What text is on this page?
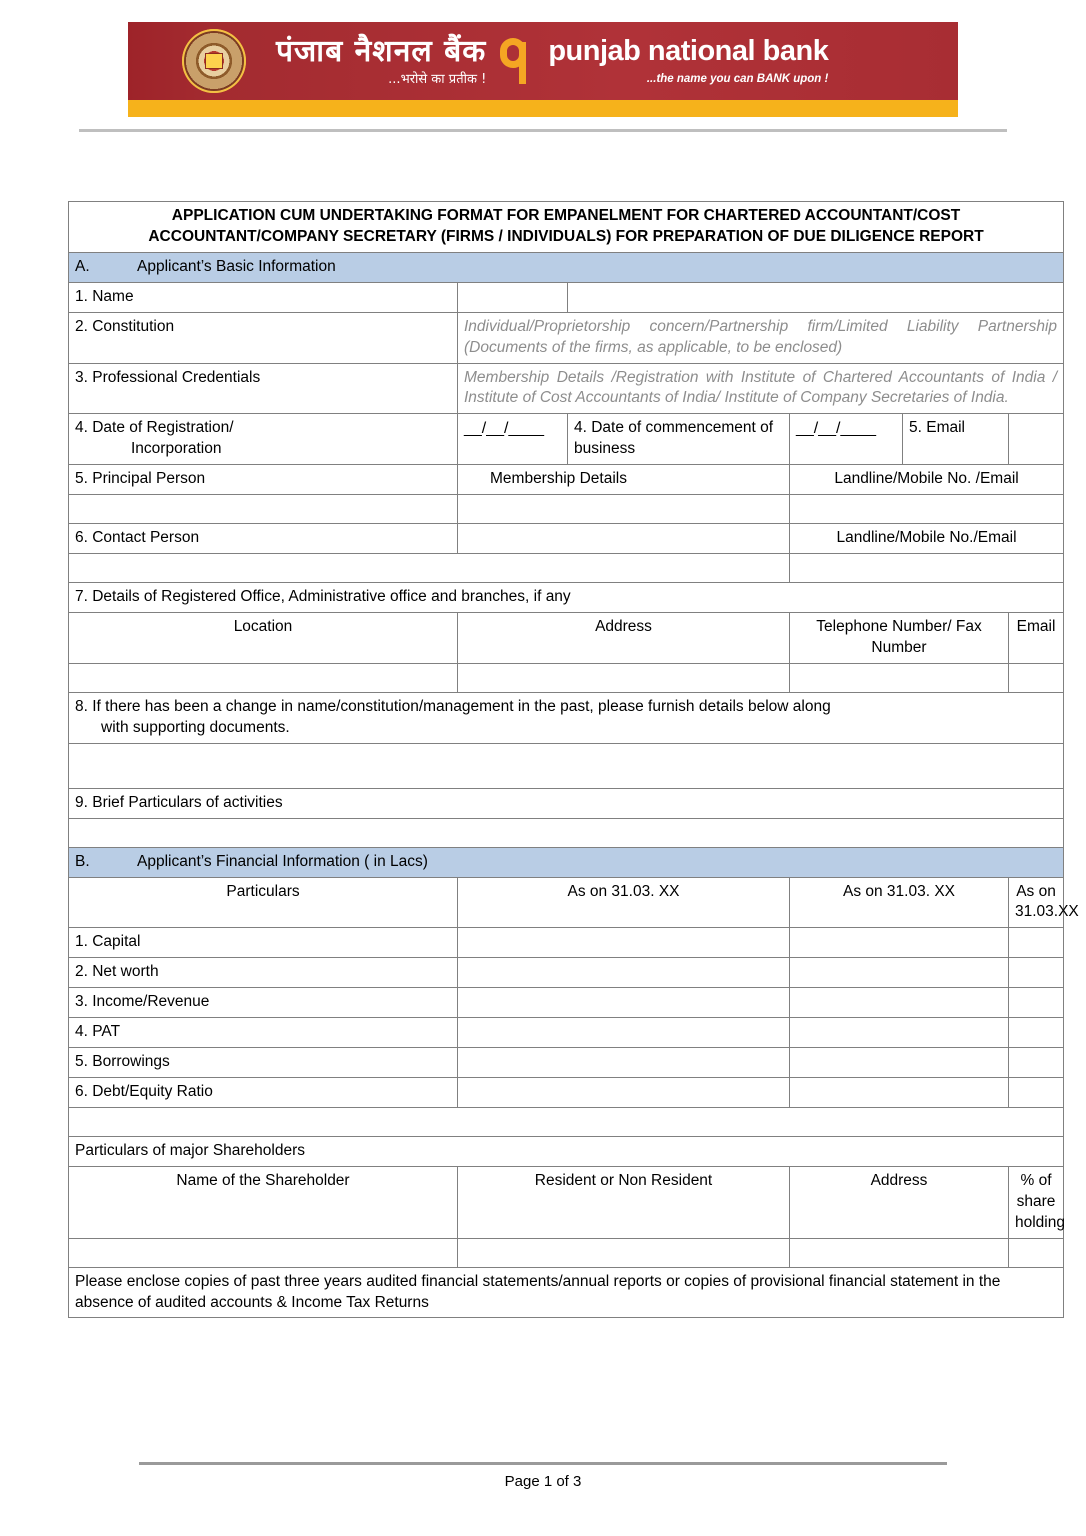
पंजाब नैशनल बैंक
...भरोसे का प्रतीक !
punjab national bank
...the name you can BANK upon !
APPLICATION CUM UNDERTAKING FORMAT FOR EMPANELMENT FOR CHARTERED ACCOUNTANT/COST ACCOUNTANT/COMPANY SECRETARY (FIRMS / INDIVIDUALS) FOR PREPARATION OF DUE DILIGENCE REPORT					
A. Applicant’s Basic Information					
1. Name					
2. Constitution	Individual/Proprietorship concern/Partnership firm/Limited Liability Partnership (Documents of the firms, as applicable, to be enclosed)				
3. Professional Credentials	Membership Details /Registration with Institute of Chartered Accountants of India / Institute of Cost Accountants of India/ Institute of Company Secretaries of India.				
4. Date of Registration/
Incorporation	__/__/____	4. Date of commencement of business	__/__/____	5. Email	
5. Principal Person	Membership Details		Landline/Mobile No. /Email		

6. Contact Person			Landline/Mobile No./Email		

7. Details of Registered Office, Administrative office and branches, if any					
Location	Address		Telephone Number/ Fax Number		Email

8. If there has been a change in name/constitution/management in the past, please furnish details below along
with supporting documents.					

9. Brief Particulars of activities					

B. Applicant’s Financial Information ( in Lacs)					
Particulars	As on 31.03. XX		As on 31.03. XX		As on 31.03.XX
1. Capital					
2. Net worth					
3. Income/Revenue					
4. PAT					
5. Borrowings					
6. Debt/Equity Ratio					

Particulars of major Shareholders					
Name of the Shareholder	Resident or Non Resident		Address		% of share holding

Please enclose copies of past three years audited financial statements/annual reports or copies of provisional financial statement in the absence of audited accounts & Income Tax Returns					
Page 1 of 3
